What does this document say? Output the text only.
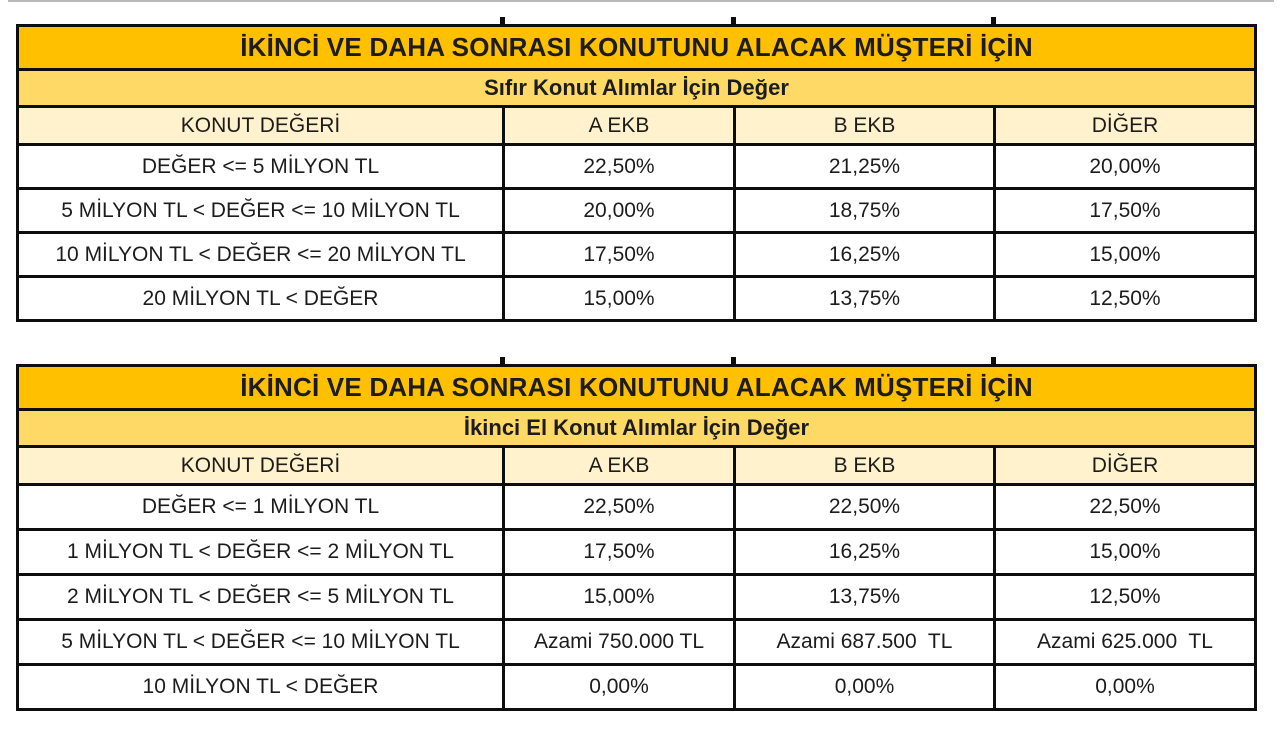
İKİNCİ VE DAHA SONRASI KONUTUNU ALACAK MÜŞTERİ İÇİN			
Sıfır Konut Alımlar İçin Değer			
KONUT DEĞERİ	A EKB	B EKB	DİĞER
DEĞER <= 5 MİLYON TL	22,50%	21,25%	20,00%
5 MİLYON TL < DEĞER <= 10 MİLYON TL	20,00%	18,75%	17,50%
10 MİLYON TL < DEĞER <= 20 MİLYON TL	17,50%	16,25%	15,00%
20 MİLYON TL < DEĞER	15,00%	13,75%	12,50%
İKİNCİ VE DAHA SONRASI KONUTUNU ALACAK MÜŞTERİ İÇİN			
İkinci El Konut Alımlar İçin Değer			
KONUT DEĞERİ	A EKB	B EKB	DİĞER
DEĞER <= 1 MİLYON TL	22,50%	22,50%	22,50%
1 MİLYON TL < DEĞER <= 2 MİLYON TL	17,50%	16,25%	15,00%
2 MİLYON TL < DEĞER <= 5 MİLYON TL	15,00%	13,75%	12,50%
5 MİLYON TL < DEĞER <= 10 MİLYON TL	Azami 750.000 TL	Azami 687.500  TL	Azami 625.000  TL
10 MİLYON TL < DEĞER	0,00%	0,00%	0,00%
